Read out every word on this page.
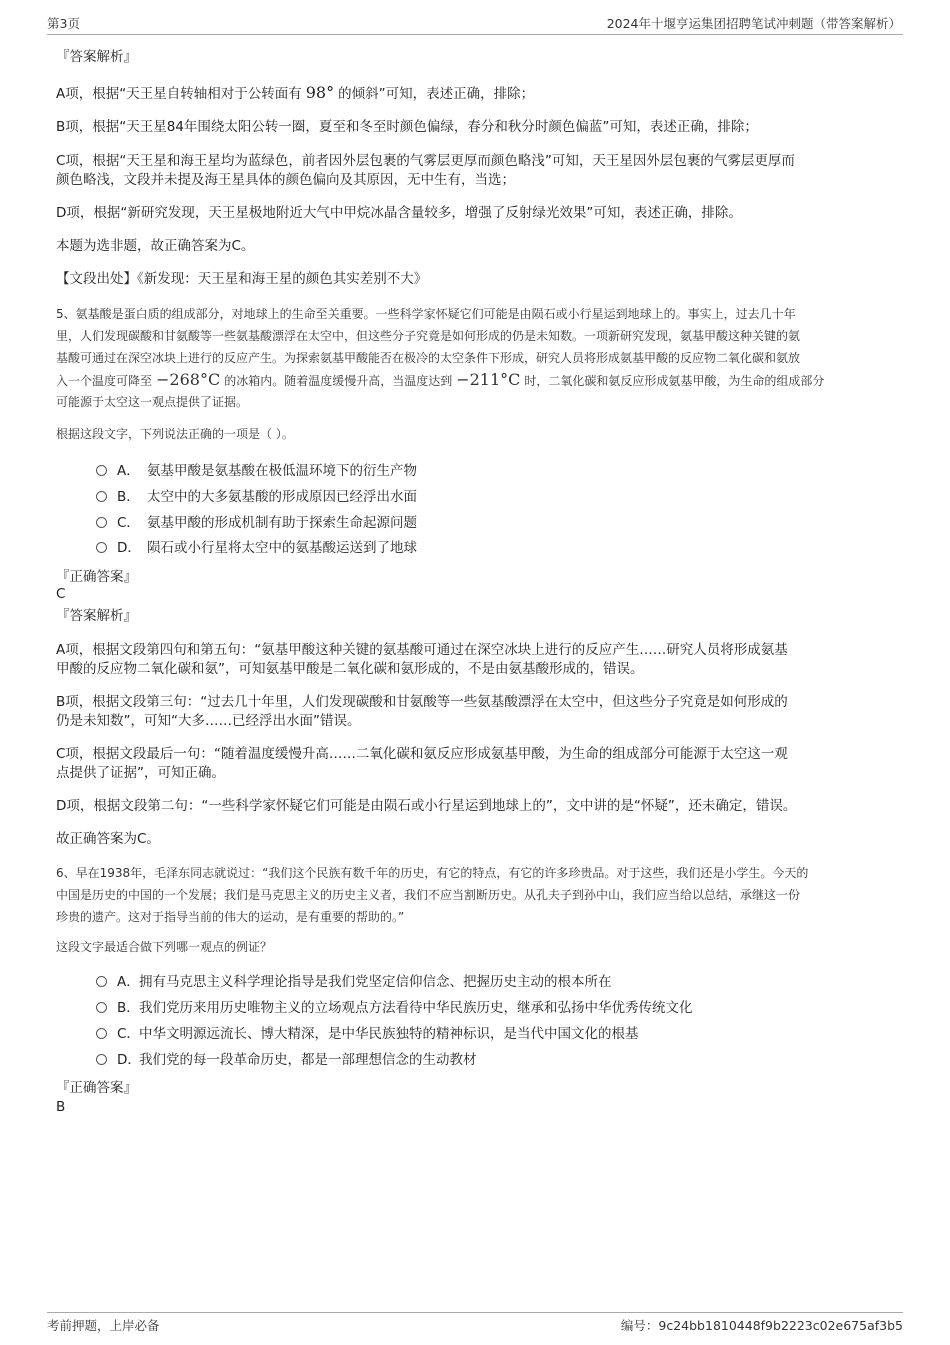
第3页	2024年十堰亨运集团招聘笔试冲刺题（带答案解析）

『答案解析』

A项，根据“天王星自转轴相对于公转面有 98° 的倾斜”可知，表述正确，排除；

B项，根据“天王星84年围绕太阳公转一圈，夏至和冬至时颜色偏绿，春分和秋分时颜色偏蓝”可知，表述正确，排除；

C项，根据“天王星和海王星均为蓝绿色，前者因外层包裹的气雾层更厚而颜色略浅”可知，天王星因外层包裹的气雾层更厚而

颜色略浅，文段并未提及海王星具体的颜色偏向及其原因，无中生有，当选；

D项，根据“新研究发现，天王星极地附近大气中甲烷冰晶含量较多，增强了反射绿光效果”可知，表述正确，排除。

本题为选非题，故正确答案为C。

【文段出处】《新发现：天王星和海王星的颜色其实差别不大》

5、氨基酸是蛋白质的组成部分，对地球上的生命至关重要。一些科学家怀疑它们可能是由陨石或小行星运到地球上的。事实上，过去几十年

里，人们发现碳酸和甘氨酸等一些氨基酸漂浮在太空中，但这些分子究竟是如何形成的仍是未知数。一项新研究发现，氨基甲酸这种关键的氨

基酸可通过在深空冰块上进行的反应产生。为探索氨基甲酸能否在极冷的太空条件下形成，研究人员将形成氨基甲酸的反应物二氧化碳和氨放

入一个温度可降至 −268°C 的冰箱内。随着温度缓慢升高，当温度达到 −211°C 时，二氧化碳和氨反应形成氨基甲酸，为生命的组成部分

可能源于太空这一观点提供了证据。

根据这段文字，下列说法正确的一项是（ ）。

A． 氨基甲酸是氨基酸在极低温环境下的衍生产物
B． 太空中的大多氨基酸的形成原因已经浮出水面
C． 氨基甲酸的形成机制有助于探索生命起源问题
D． 陨石或小行星将太空中的氨基酸运送到了地球

『正确答案』

C

『答案解析』

A项，根据文段第四句和第五句：“氨基甲酸这种关键的氨基酸可通过在深空冰块上进行的反应产生……研究人员将形成氨基

甲酸的反应物二氧化碳和氨”，可知氨基甲酸是二氧化碳和氨形成的，不是由氨基酸形成的，错误。

B项，根据文段第三句：“过去几十年里，人们发现碳酸和甘氨酸等一些氨基酸漂浮在太空中，但这些分子究竟是如何形成的

仍是未知数”，可知“大多……已经浮出水面”错误。

C项，根据文段最后一句：“随着温度缓慢升高……二氧化碳和氨反应形成氨基甲酸，为生命的组成部分可能源于太空这一观

点提供了证据”，可知正确。

D项，根据文段第二句：“一些科学家怀疑它们可能是由陨石或小行星运到地球上的”，文中讲的是“怀疑”，还未确定，错误。

故正确答案为C。

6、早在1938年，毛泽东同志就说过：“我们这个民族有数千年的历史，有它的特点，有它的许多珍贵品。对于这些，我们还是小学生。今天的

中国是历史的中国的一个发展；我们是马克思主义的历史主义者，我们不应当割断历史。从孔夫子到孙中山，我们应当给以总结，承继这一份

珍贵的遗产。这对于指导当前的伟大的运动，是有重要的帮助的。”

这段文字最适合做下列哪一观点的例证？

A．拥有马克思主义科学理论指导是我们党坚定信仰信念、把握历史主动的根本所在
B．我们党历来用历史唯物主义的立场观点方法看待中华民族历史，继承和弘扬中华优秀传统文化
C．中华文明源远流长、博大精深，是中华民族独特的精神标识，是当代中国文化的根基
D．我们党的每一段革命历史，都是一部理想信念的生动教材

『正确答案』

B

考前押题，上岸必备	编号：9c24bb1810448f9b2223c02e675af3b5
